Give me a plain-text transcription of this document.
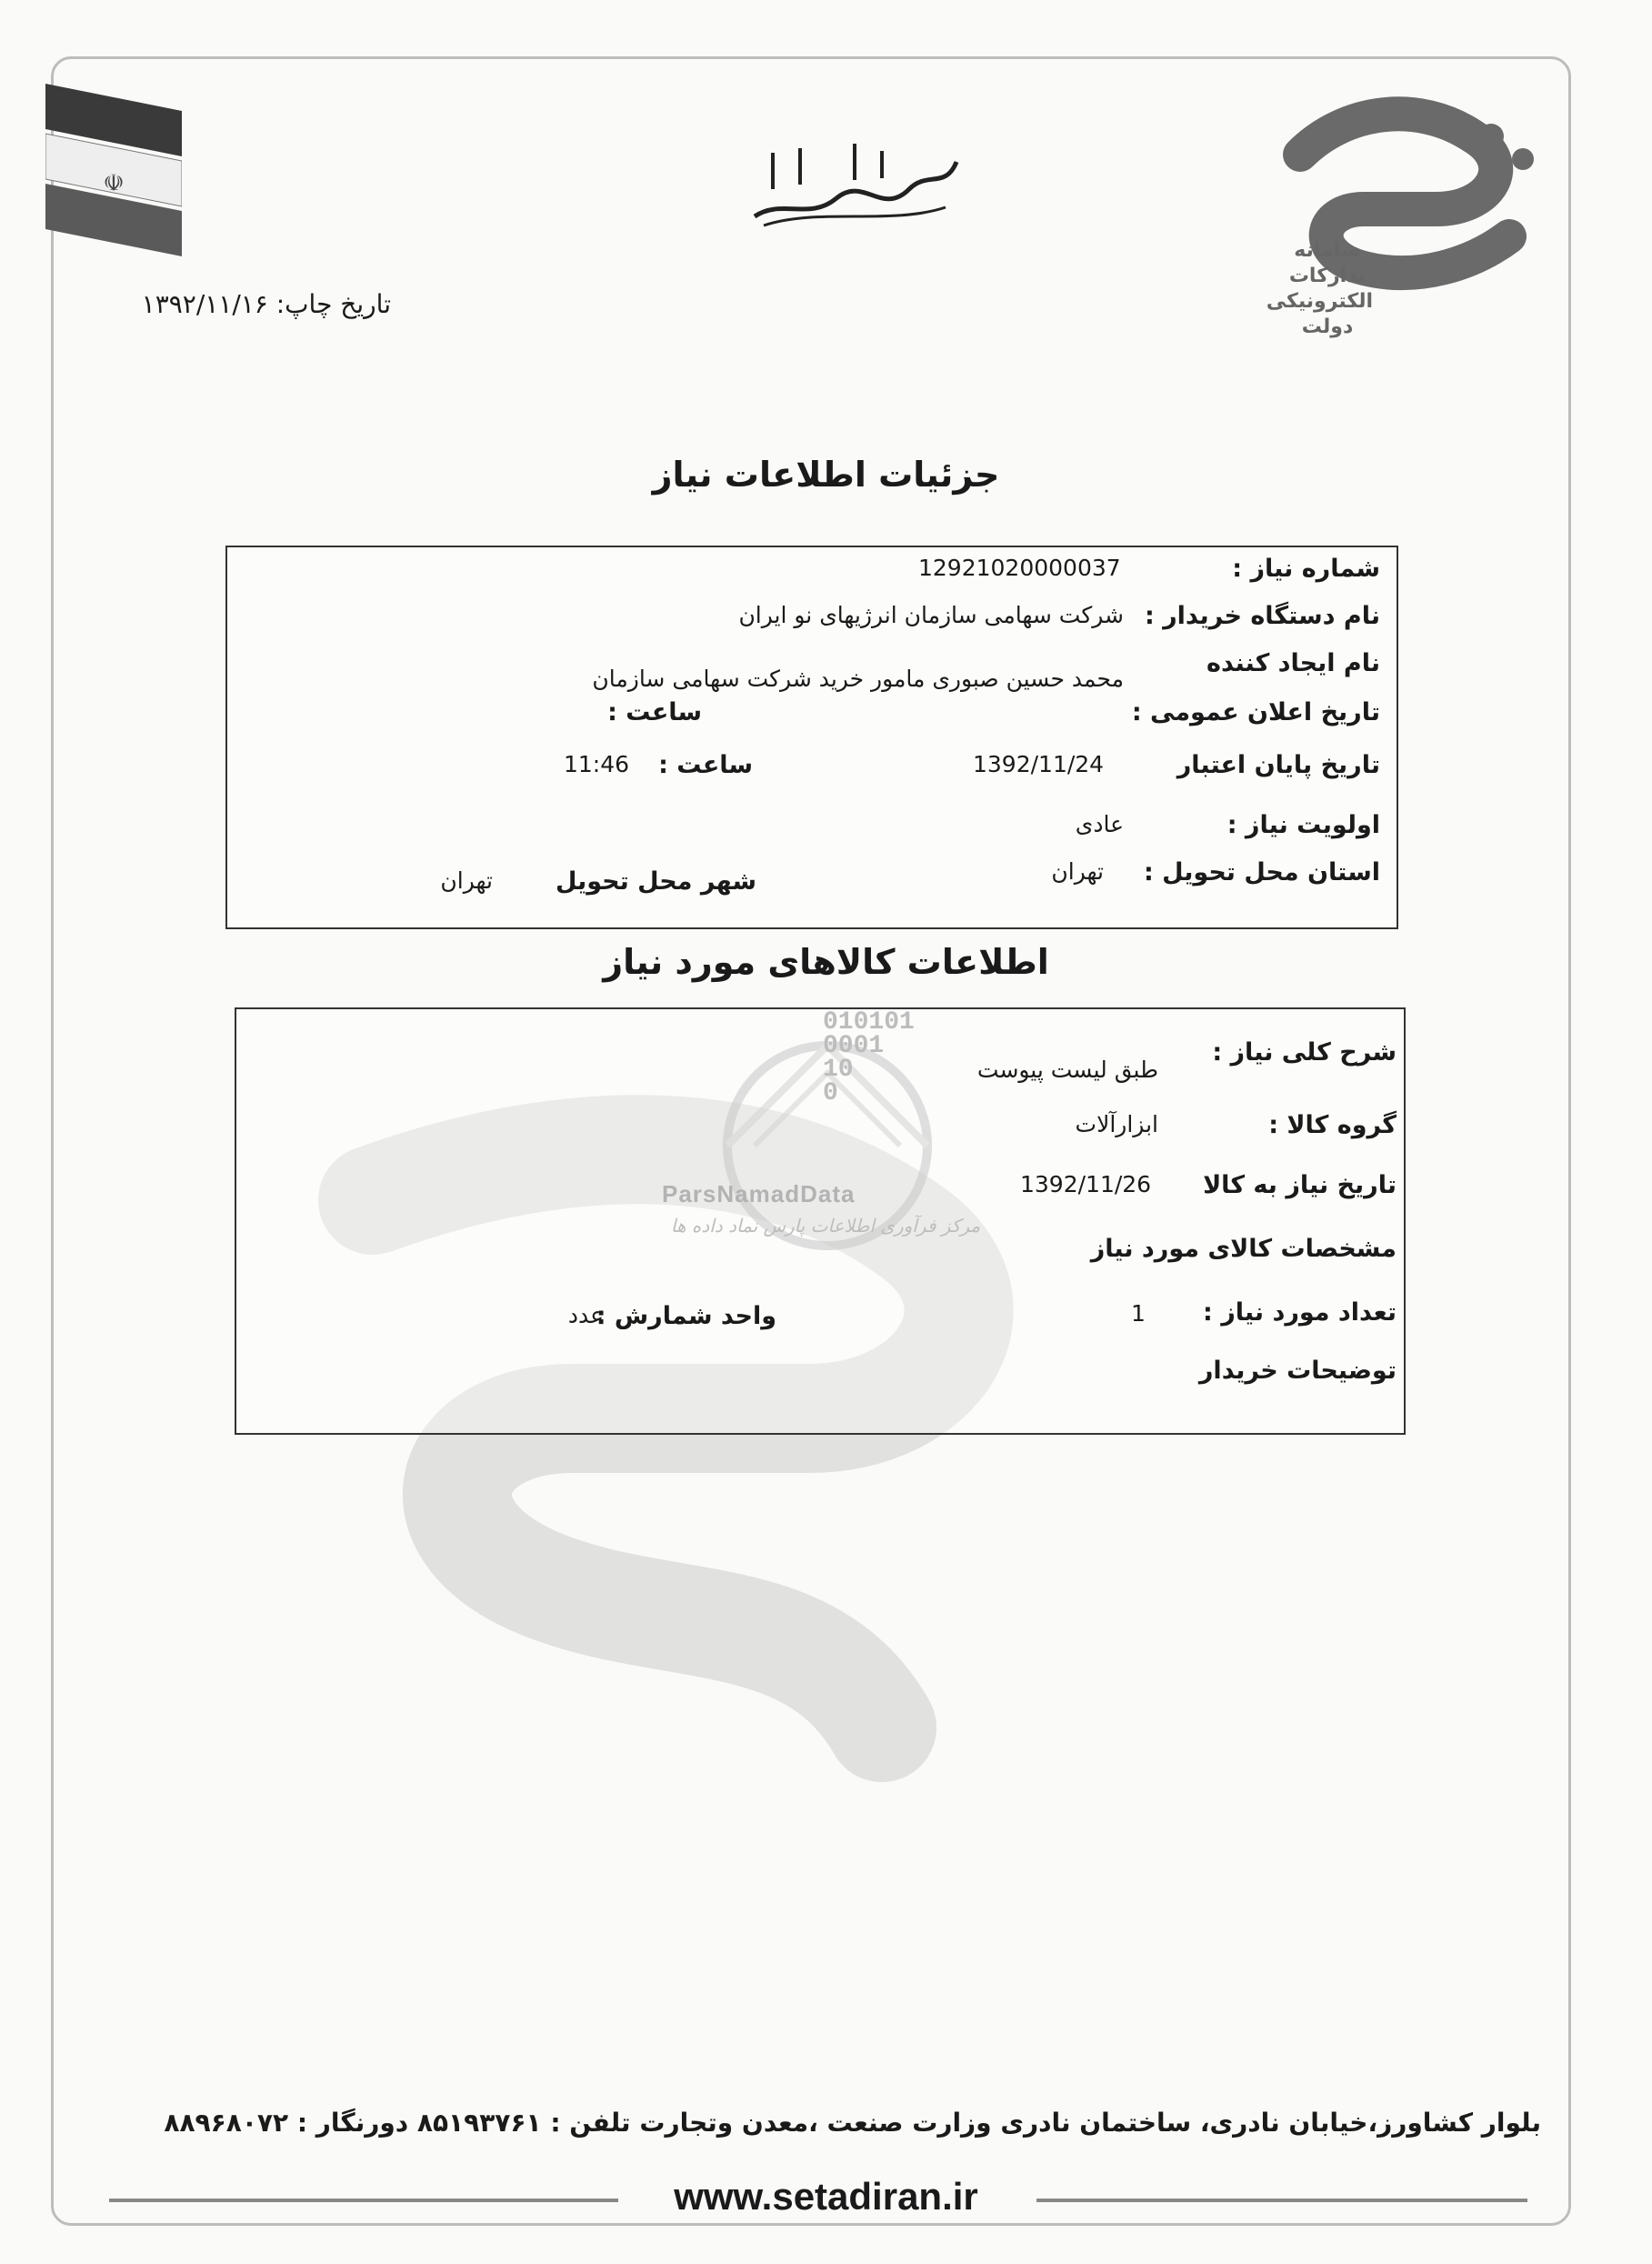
☫
سامانه تدارکات الکترونیکی دولت
بسم الله الرحمن الرحیم
تاریخ چاپ: ۱۳۹۲/۱۱/۱۶
جزئیات اطلاعات نیاز
شماره نیاز :
12921020000037
نام دستگاه خریدار :
شرکت سهامی سازمان انرژیهای نو ایران
نام ایجاد کننده
محمد حسین صبوری مامور خرید شرکت سهامی سازمان
تاریخ اعلان عمومی :
ساعت :
تاریخ پایان اعتبار
1392/11/24
ساعت :
11:46
اولویت نیاز :
عادی
استان محل تحویل :
تهران
شهر محل تحویل
تهران
اطلاعات کالاهای مورد نیاز
010101
0001
10
0
ParsNamadData
مرکز فرآوری اطلاعات پارس نماد داده ها
شرح کلی نیاز :
طبق لیست پیوست
گروه کالا :
ابزارآلات
تاریخ نیاز به کالا
1392/11/26
مشخصات کالای مورد نیاز
تعداد مورد نیاز :
1
واحد شمارش :
عدد
توضیحات خریدار
بلوار کشاورز،خیابان نادری، ساختمان نادری وزارت صنعت ،معدن وتجارت تلفن : ۸۵۱۹۳۷۶۱ دورنگار : ۸۸۹۶۸۰۷۲
www.setadiran.ir
